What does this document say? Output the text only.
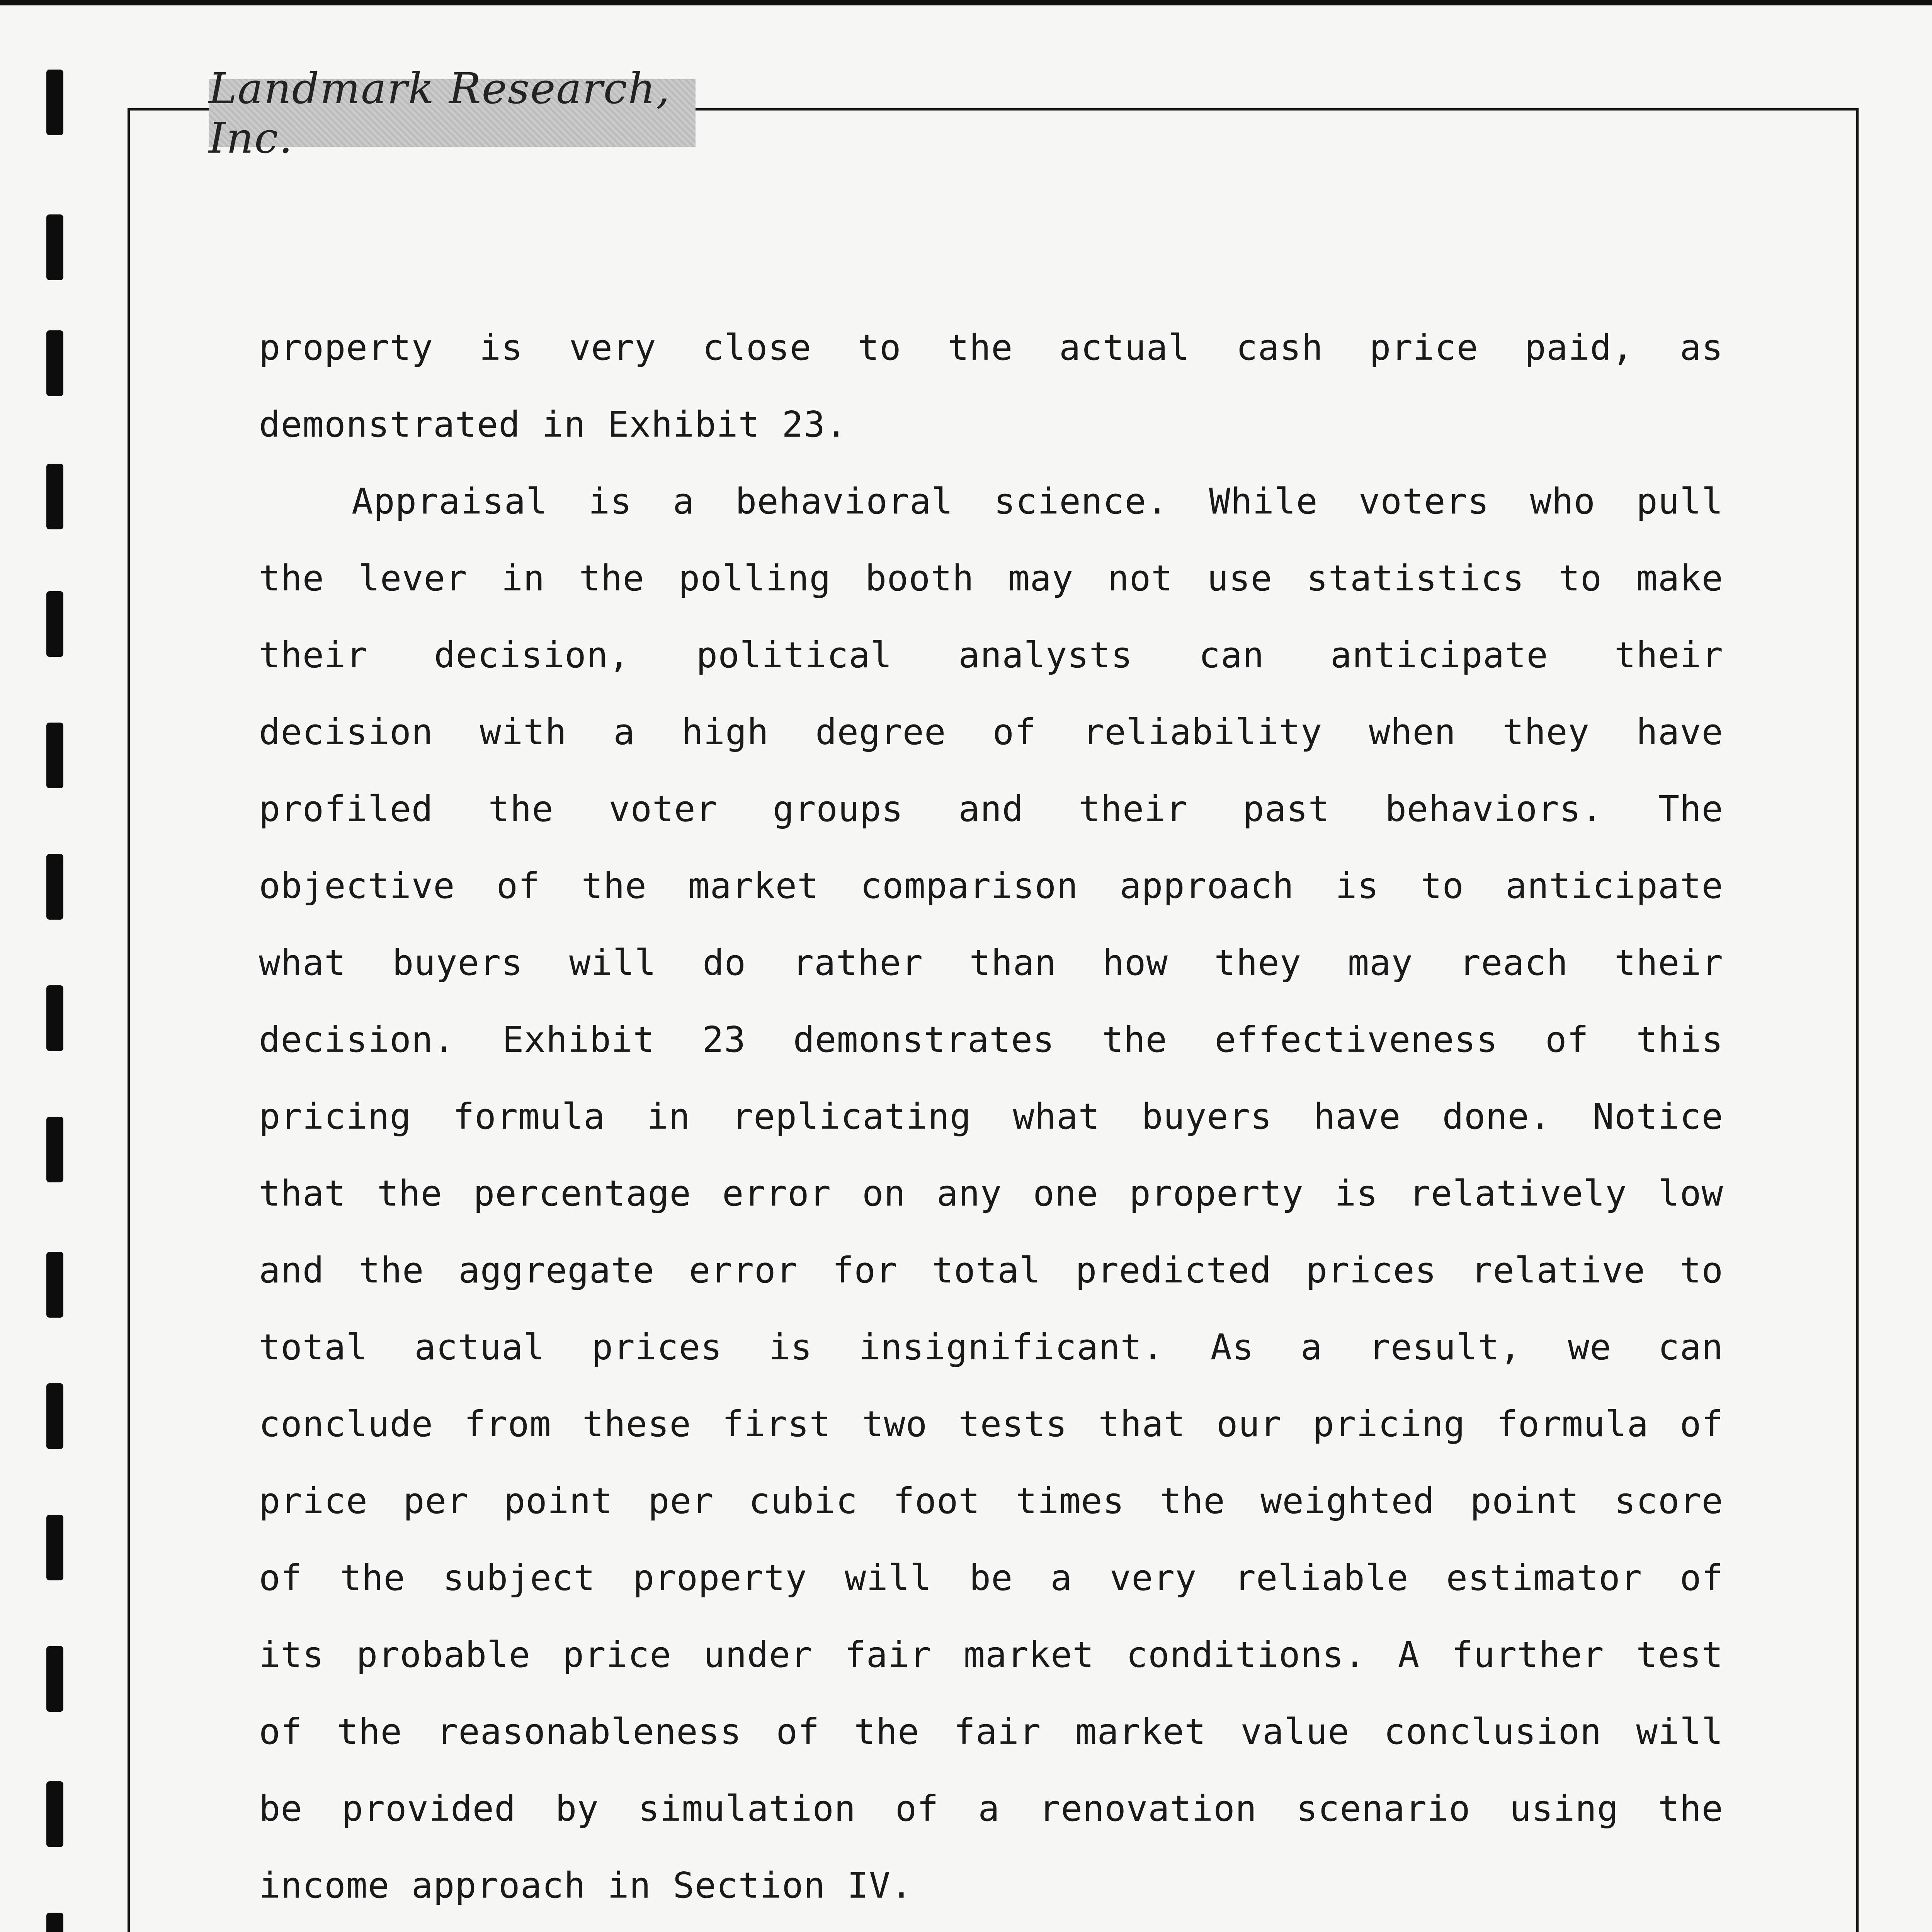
Landmark Research, Inc.
property is very close to the actual cash price paid, as
demonstrated in Exhibit 23.
Appraisal is a behavioral science. While voters who pull
the lever in the polling booth may not use statistics to make
their decision, political analysts can anticipate their
decision with a high degree of reliability when they have
profiled the voter groups and their past behaviors. The
objective of the market comparison approach is to anticipate
what buyers will do rather than how they may reach their
decision. Exhibit 23 demonstrates the effectiveness of this
pricing formula in replicating what buyers have done. Notice
that the percentage error on any one property is relatively low
and the aggregate error for total predicted prices relative to
total actual prices is insignificant. As a result, we can
conclude from these first two tests that our pricing formula of
price per point per cubic foot times the weighted point score
of the subject property will be a very reliable estimator of
its probable price under fair market conditions. A further test
of the reasonableness of the fair market value conclusion will
be provided by simulation of a renovation scenario using the
income approach in Section IV.
